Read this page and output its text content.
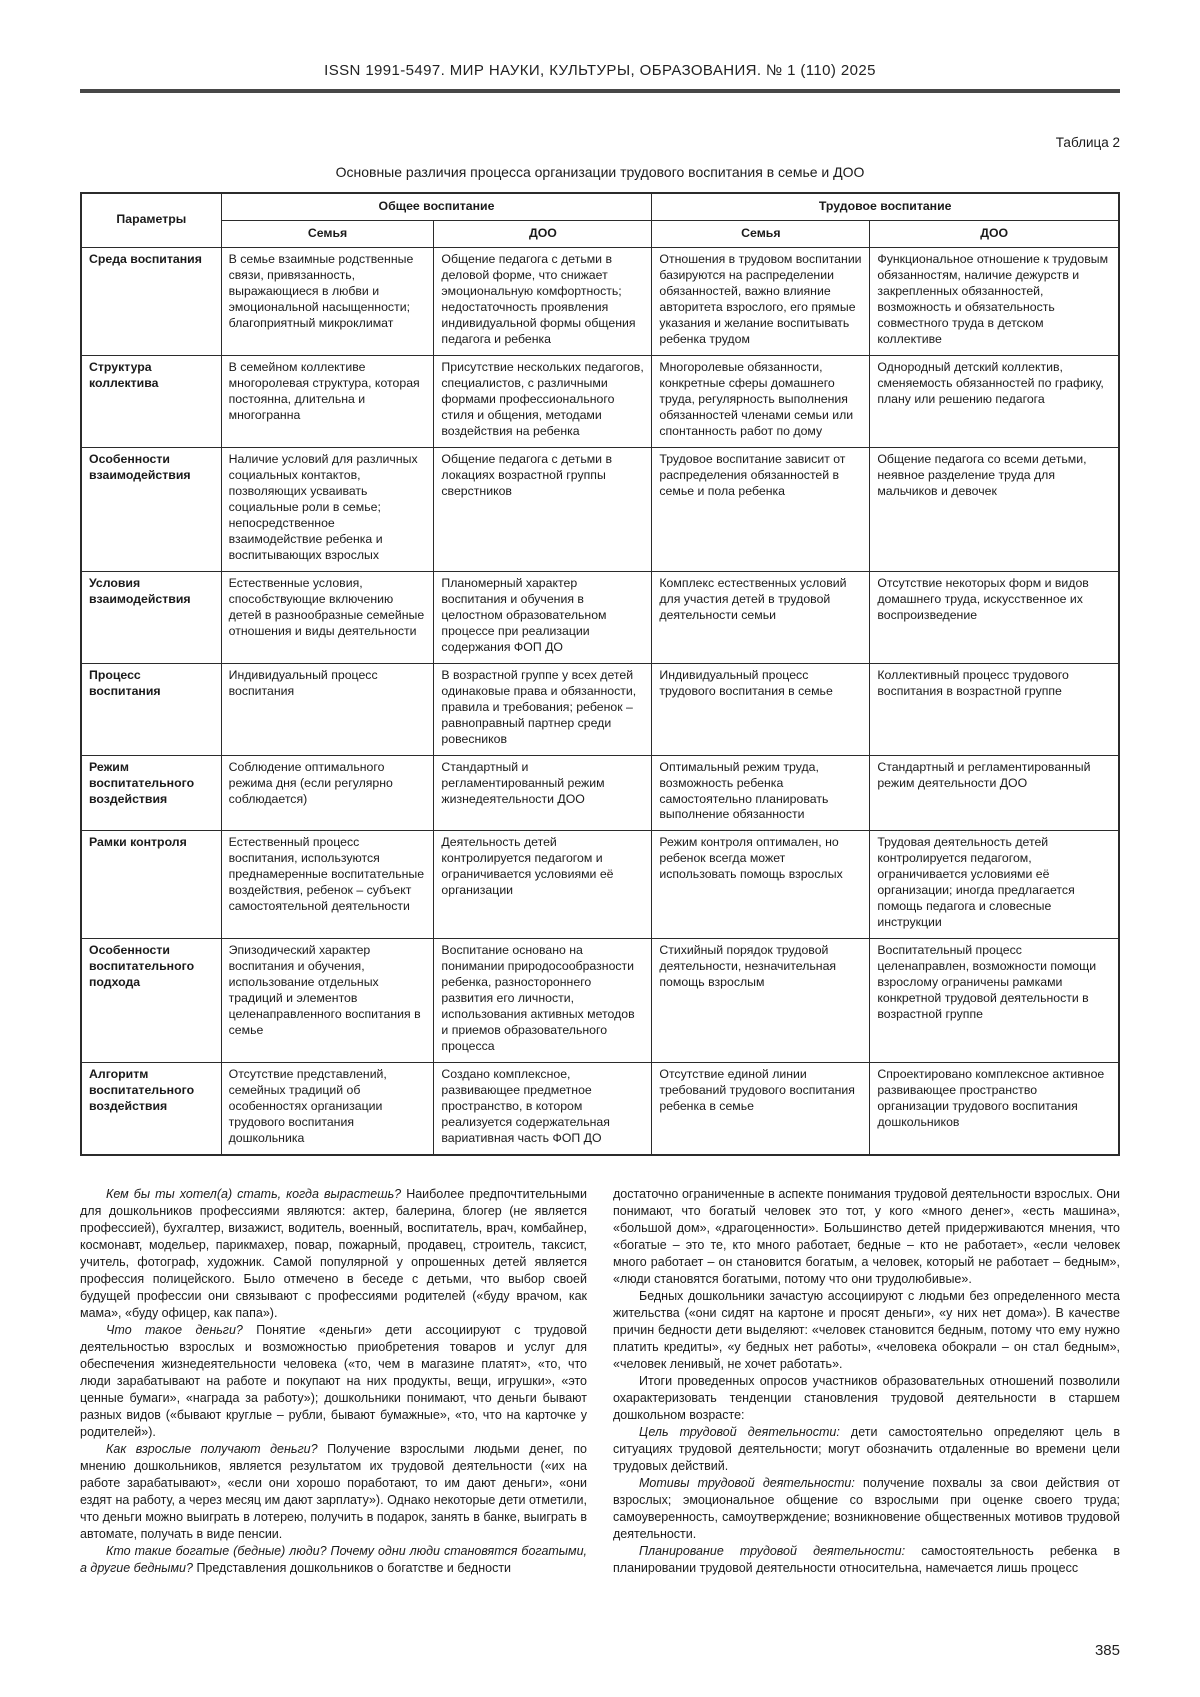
ISSN 1991-5497. МИР НАУКИ, КУЛЬТУРЫ, ОБРАЗОВАНИЯ. № 1 (110) 2025
Таблица 2
Основные различия процесса организации трудового воспитания в семье и ДОО
Параметры	Общее воспитание		Трудовое воспитание	
	Семья	ДОО	Семья	ДОО
Среда воспитания	В семье взаимные родственные связи, привязанность, выражающиеся в любви и эмоциональной насыщенности; благоприятный микроклимат	Общение педагога с детьми в деловой форме, что снижает эмоциональную комфортность; недостаточность проявления индивидуальной формы общения педагога и ребенка	Отношения в трудовом воспитании базируются на распределении обязанностей, важно влияние авторитета взрослого, его прямые указания и желание воспитывать ребенка трудом	Функциональное отношение к трудовым обязанностям, наличие дежурств и закрепленных обязанностей, возможность и обязательность совместного труда в детском коллективе
Структура коллектива	В семейном коллективе многоролевая структура, которая постоянна, длительна и многогранна	Присутствие нескольких педагогов, специалистов, с различными формами профессионального стиля и общения, методами воздействия на ребенка	Многоролевые обязанности, конкретные сферы домашнего труда, регулярность выполнения обязанностей членами семьи или спонтанность работ по дому	Однородный детский коллектив, сменяемость обязанностей по графику, плану или решению педагога
Особенности взаимодействия	Наличие условий для различных социальных контактов, позволяющих усваивать социальные роли в семье; непосредственное взаимодействие ребенка и воспитывающих взрослых	Общение педагога с детьми в локациях возрастной группы сверстников	Трудовое воспитание зависит от распределения обязанностей в семье и пола ребенка	Общение педагога со всеми детьми, неявное разделение труда для мальчиков и девочек
Условия взаимодействия	Естественные условия, способствующие включению детей в разнообразные семейные отношения и виды деятельности	Планомерный характер воспитания и обучения в целостном образовательном процессе при реализации содержания ФОП ДО	Комплекс естественных условий для участия детей в трудовой деятельности семьи	Отсутствие некоторых форм и видов домашнего труда, искусственное их воспроизведение
Процесс воспитания	Индивидуальный процесс воспитания	В возрастной группе у всех детей одинаковые права и обязанности, правила и требования; ребенок – равноправный партнер среди ровесников	Индивидуальный процесс трудового воспитания в семье	Коллективный процесс трудового воспитания в возрастной группе
Режим воспитательного воздействия	Соблюдение оптимального режима дня (если регулярно соблюдается)	Стандартный и регламентированный режим жизнедеятельности ДОО	Оптимальный режим труда, возможность ребенка самостоятельно планировать выполнение обязанности	Стандартный и регламентированный режим деятельности ДОО
Рамки контроля	Естественный процесс воспитания, используются преднамеренные воспитательные воздействия, ребенок – субъект самостоятельной деятельности	Деятельность детей контролируется педагогом и ограничивается условиями её организации	Режим контроля оптимален, но ребенок всегда может использовать помощь взрослых	Трудовая деятельность детей контролируется педагогом, ограничивается условиями её организации; иногда предлагается помощь педагога и словесные инструкции
Особенности воспитательного подхода	Эпизодический характер воспитания и обучения, использование отдельных традиций и элементов целенаправленного воспитания в семье	Воспитание основано на понимании природосообразности ребенка, разностороннего развития его личности, использования активных методов и приемов образовательного процесса	Стихийный порядок трудовой деятельности, незначительная помощь взрослым	Воспитательный процесс целенаправлен, возможности помощи взрослому ограничены рамками конкретной трудовой деятельности в возрастной группе
Алгоритм воспитательного воздействия	Отсутствие представлений, семейных традиций об особенностях организации трудового воспитания дошкольника	Создано комплексное, развивающее предметное пространство, в котором реализуется содержательная вариативная часть ФОП ДО	Отсутствие единой линии требований трудового воспитания ребенка в семье	Спроектировано комплексное активное развивающее пространство организации трудового воспитания дошкольников

Кем бы ты хотел(а) стать, когда вырастешь? Наиболее предпочтительными для дошкольников профессиями являются: актер, балерина, блогер (не является профессией), бухгалтер, визажист, водитель, военный, воспитатель, врач, комбайнер, космонавт, модельер, парикмахер, повар, пожарный, продавец, строитель, таксист, учитель, фотограф, художник. Самой популярной у опрошенных детей является профессия полицейского. Было отмечено в беседе с детьми, что выбор своей будущей профессии они связывают с профессиями родителей («буду врачом, как мама», «буду офицер, как папа»).

Что такое деньги? Понятие «деньги» дети ассоциируют с трудовой деятельностью взрослых и возможностью приобретения товаров и услуг для обеспечения жизнедеятельности человека («то, чем в магазине платят», «то, что люди зарабатывают на работе и покупают на них продукты, вещи, игрушки», «это ценные бумаги», «награда за работу»); дошкольники понимают, что деньги бывают разных видов («бывают круглые – рубли, бывают бумажные», «то, что на карточке у родителей»).

Как взрослые получают деньги? Получение взрослыми людьми денег, по мнению дошкольников, является результатом их трудовой деятельности («их на работе зарабатывают», «если они хорошо поработают, то им дают деньги», «они ездят на работу, а через месяц им дают зарплату»). Однако некоторые дети отметили, что деньги можно выиграть в лотерею, получить в подарок, занять в банке, выиграть в автомате, получать в виде пенсии.

Кто такие богатые (бедные) люди? Почему одни люди становятся богатыми, а другие бедными? Представления дошкольников о богатстве и бедности

достаточно ограниченные в аспекте понимания трудовой деятельности взрослых. Они понимают, что богатый человек это тот, у кого «много денег», «есть машина», «большой дом», «драгоценности». Большинство детей придерживаются мнения, что «богатые – это те, кто много работает, бедные – кто не работает», «если человек много работает – он становится богатым, а человек, который не работает – бедным», «люди становятся богатыми, потому что они трудолюбивые».

Бедных дошкольники зачастую ассоциируют с людьми без определенного места жительства («они сидят на картоне и просят деньги», «у них нет дома»). В качестве причин бедности дети выделяют: «человек становится бедным, потому что ему нужно платить кредиты», «у бедных нет работы», «человека обокрали – он стал бедным», «человек ленивый, не хочет работать».

Итоги проведенных опросов участников образовательных отношений позволили охарактеризовать тенденции становления трудовой деятельности в старшем дошкольном возрасте:

Цель трудовой деятельности: дети самостоятельно определяют цель в ситуациях трудовой деятельности; могут обозначить отдаленные во времени цели трудовых действий.

Мотивы трудовой деятельности: получение похвалы за свои действия от взрослых; эмоциональное общение со взрослыми при оценке своего труда; самоуверенность, самоутверждение; возникновение общественных мотивов трудовой деятельности.

Планирование трудовой деятельности: самостоятельность ребенка в планировании трудовой деятельности относительна, намечается лишь процесс

385
